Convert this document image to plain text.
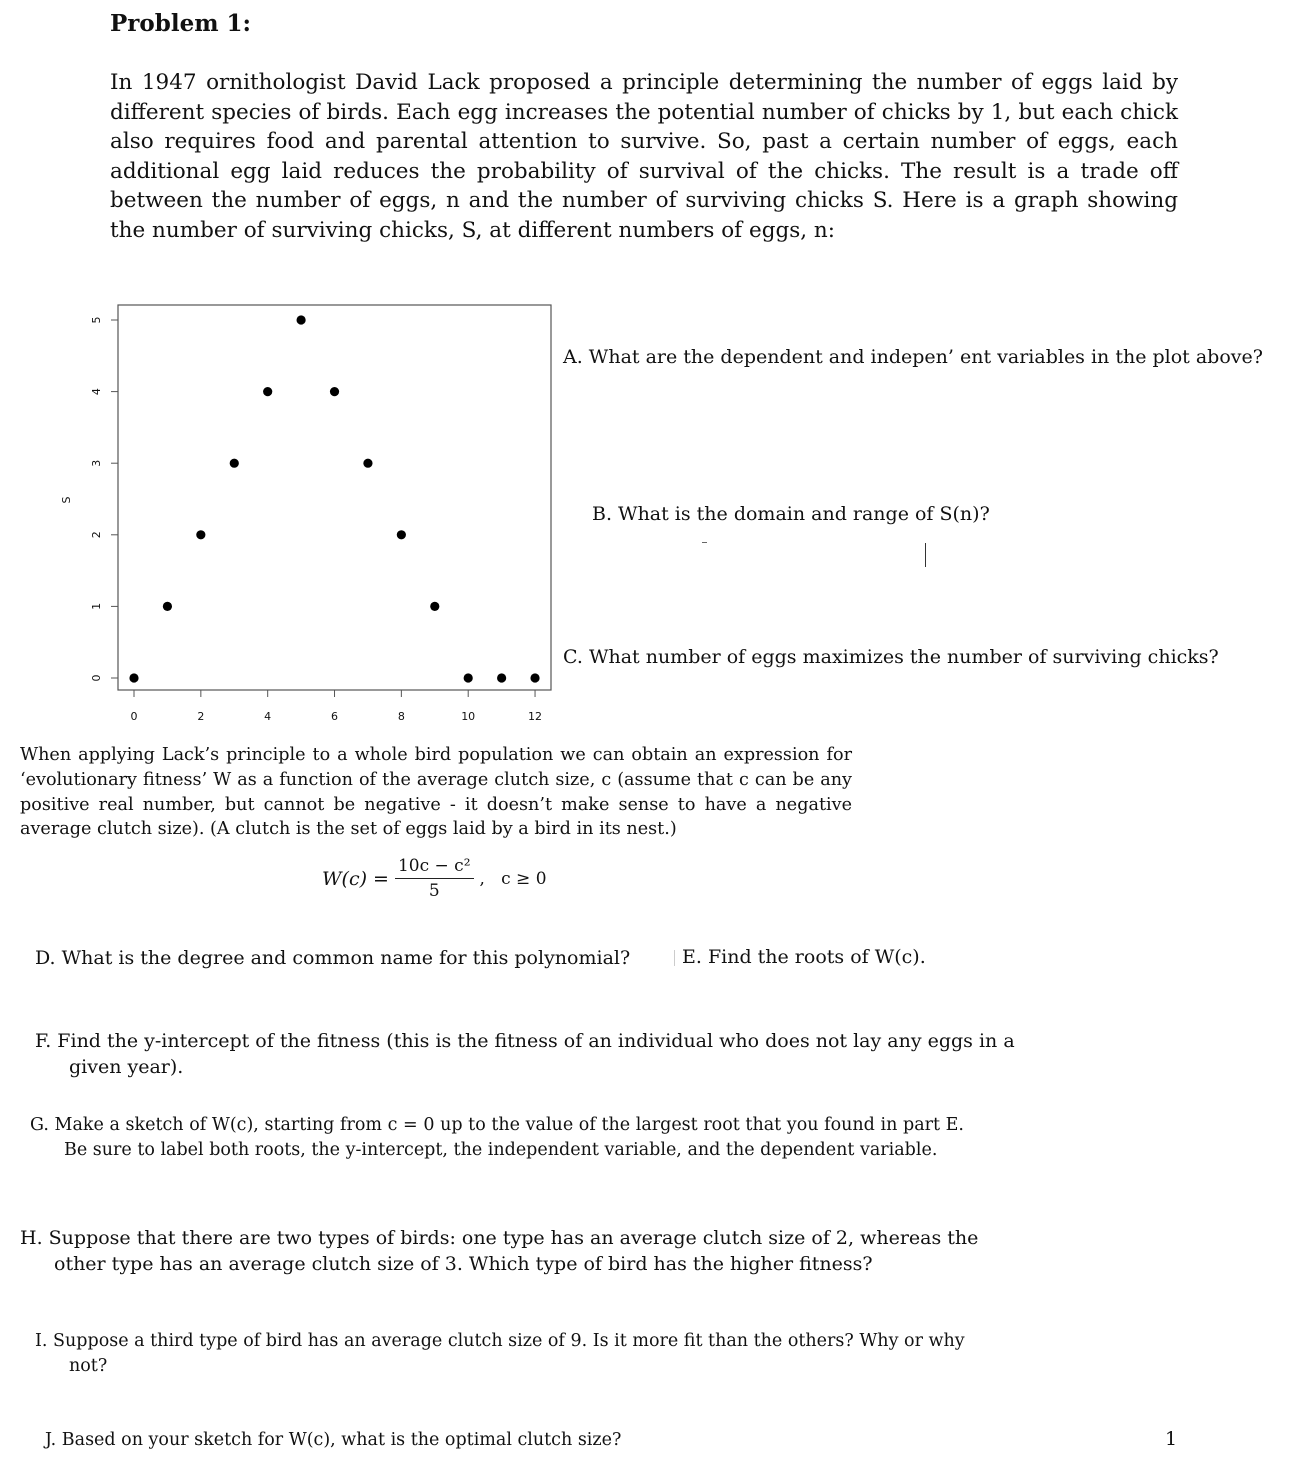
Problem 1:
In 1947 ornithologist David Lack proposed a principle determining the number of eggs laid by different species of birds. Each egg increases the potential number of chicks by 1, but each chick also requires food and parental attention to survive. So, past a certain number of eggs, each additional egg laid reduces the probability of survival of the chicks. The result is a trade off between the number of eggs, n and the number of surviving chicks S. Here is a graph showing the number of surviving chicks, S, at different numbers of eggs, n:
0	2	4	6	8	10	12
0
1
2
3
4
5
S
A. What are the dependent and indepen’ ent variables in the plot above?
B. What is the domain and range of S(n)?
C. What number of eggs maximizes the number of surviving chicks?
When applying Lack’s principle to a whole bird population we can obtain an expression for ‘evolutionary fitness’ W as a function of the average clutch size, c (assume that c can be any positive real number, but cannot be negative - it doesn’t make sense to have a negative average clutch size). (A clutch is the set of eggs laid by a bird in its nest.)
$W(c) = \frac{\text{10c − c²}}{5}$ ,   c ≥ 0
D. What is the degree and common name for this polynomial?	E. Find the roots of W(c).
F. Find the y-intercept of the fitness (this is the fitness of an individual who does not lay any eggs in a given year).
G. Make a sketch of W(c), starting from c = 0 up to the value of the largest root that you found in part E. Be sure to label both roots, the y-intercept, the independent variable, and the dependent variable.
H. Suppose that there are two types of birds: one type has an average clutch size of 2, whereas the other type has an average clutch size of 3. Which type of bird has the higher fitness?
I. Suppose a third type of bird has an average clutch size of 9. Is it more fit than the others? Why or why not?
J. Based on your sketch for W(c), what is the optimal clutch size?	1
